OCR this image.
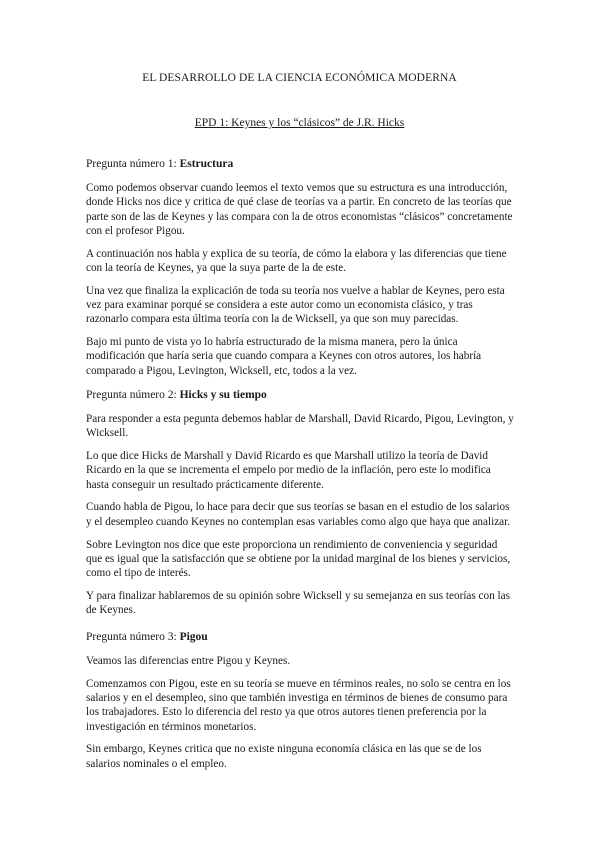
EL DESARROLLO DE LA CIENCIA ECONÓMICA MODERNA
EPD 1: Keynes y los “clásicos” de J.R. Hicks
Pregunta número 1: Estructura

Como podemos observar cuando leemos el texto vemos que su estructura es una introducción, donde Hicks nos dice y critica de qué clase de teorías va a partir. En concreto de las teorías que parte son de las de Keynes y las compara con la de otros economistas “clásicos” concretamente con el profesor Pigou.

A continuación nos habla y explica de su teoría, de cómo la elabora y las diferencias que tiene con la teoría de Keynes, ya que la suya parte de la de este.

Una vez que finaliza la explicación de toda su teoría nos vuelve a hablar de Keynes, pero esta vez para examinar porqué se considera a este autor como un economista clásico, y tras razonarlo compara esta última teoría con la de Wicksell, ya que son muy parecidas.

Bajo mi punto de vista yo lo habría estructurado de la misma manera, pero la única modificación que haría seria que cuando compara a Keynes con otros autores, los habría comparado a Pigou, Levington, Wicksell, etc, todos a la vez.

Pregunta número 2: Hicks y su tiempo

Para responder a esta pegunta debemos hablar de Marshall, David Ricardo, Pigou, Levington, y Wicksell.

Lo que dice Hicks de Marshall y David Ricardo es que Marshall utilizo la teoría de David Ricardo en la que se incrementa el empelo por medio de la inflación, pero este lo modifica hasta conseguir un resultado prácticamente diferente.

Cuando habla de Pigou, lo hace para decir que sus teorías se basan en el estudio de los salarios y el desempleo cuando Keynes no contemplan esas variables como algo que haya que analizar.

Sobre Levington nos dice que este proporciona un rendimiento de conveniencia y seguridad que es igual que la satisfacción que se obtiene por la unidad marginal de los bienes y servicios, como el tipo de interés.

Y para finalizar hablaremos de su opinión sobre Wicksell y su semejanza en sus teorías con las de Keynes.

Pregunta número 3: Pigou

Veamos las diferencias entre Pigou y Keynes.

Comenzamos con Pigou, este en su teoría se mueve en términos reales, no solo se centra en los salarios y en el desempleo, sino que también investiga en términos de bienes de consumo para los trabajadores. Esto lo diferencia del resto ya que otros autores tienen preferencia por la investigación en términos monetarios.

Sin embargo, Keynes critica que no existe ninguna economía clásica en las que se de los salarios nominales o el empleo.
